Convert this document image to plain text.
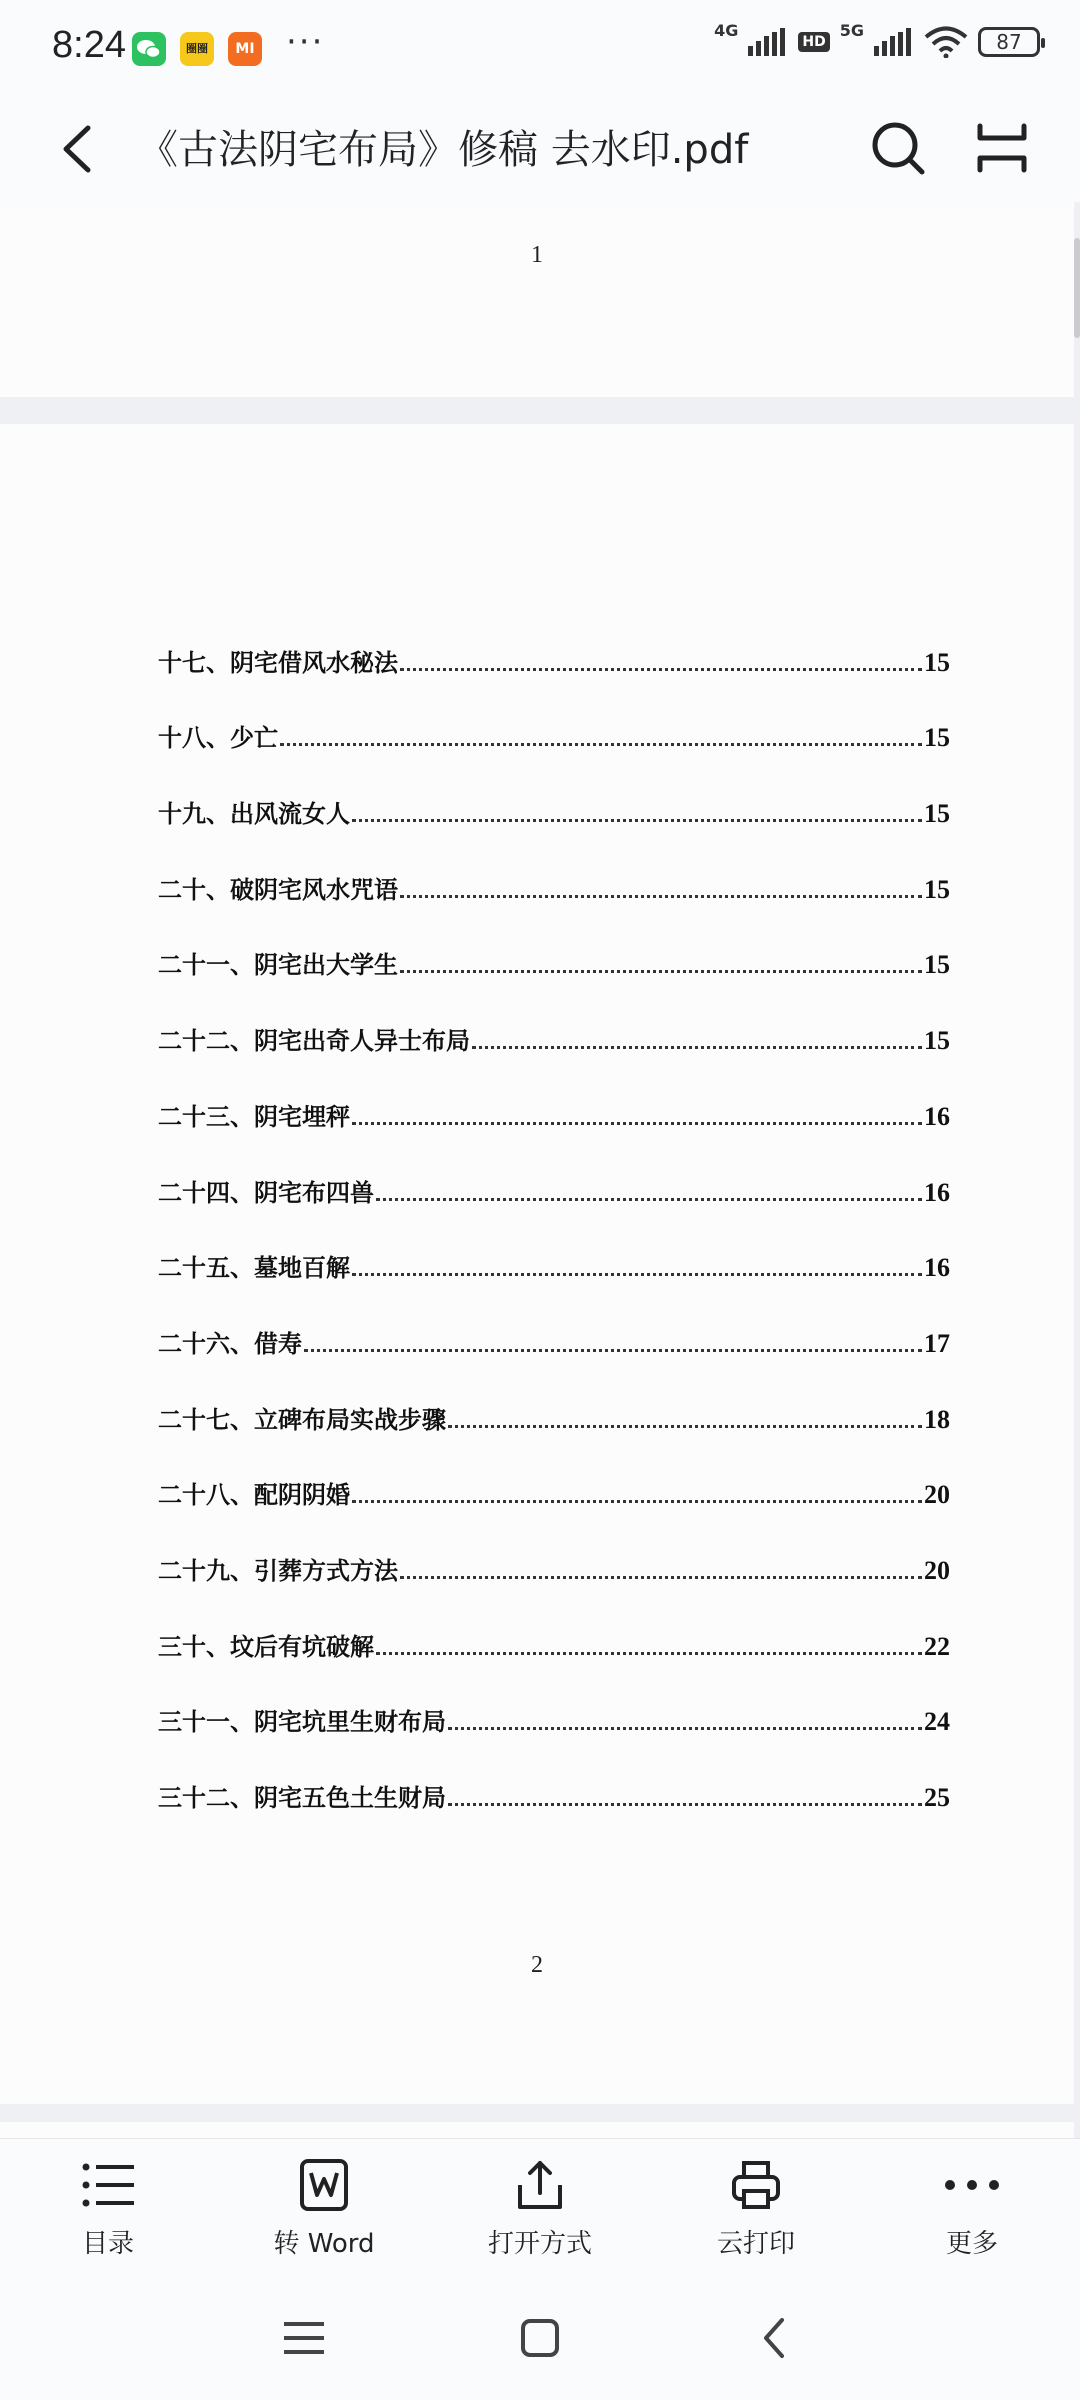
8:24	圈圈	MI ···	4G
HD
5G	87
《古法阴宅布局》修稿 去水印.pdf
1
十七、阴宅借风水秘法	15
十八、少亡	15
十九、出风流女人	15
二十、破阴宅风水咒语	15
二十一、阴宅出大学生	15
二十二、阴宅出奇人异士布局	15
二十三、阴宅埋秤	16
二十四、阴宅布四兽	16
二十五、墓地百解	16
二十六、借寿	17
二十七、立碑布局实战步骤	18
二十八、配阴阴婚	20
二十九、引葬方式方法	20
三十、坟后有坑破解	22
三十一、阴宅坑里生财布局	24
三十二、阴宅五色土生财局	25
2
目录	转 Word	打开方式	云打印	更多
